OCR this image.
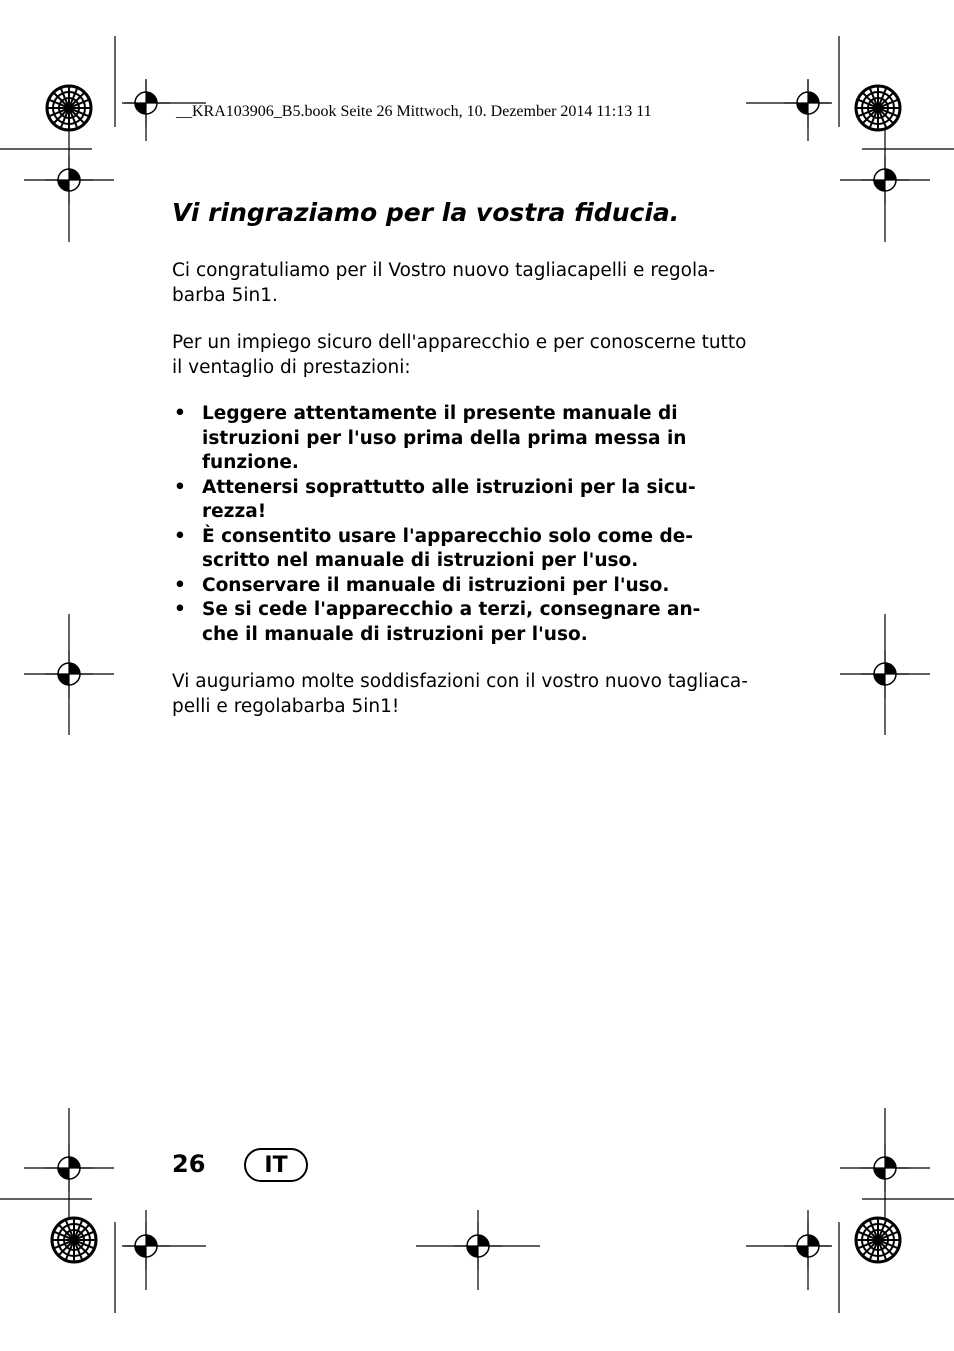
__KRA103906_B5.book Seite 26 Mittwoch, 10. Dezember 2014 11:13 11
Vi ringraziamo per la vostra fiducia.
Ci congratuliamo per il Vostro nuovo tagliacapelli e regola-
barba 5in1.
Per un impiego sicuro dell'apparecchio e per conoscerne tutto
il ventaglio di prestazioni:
• Leggere attentamente il presente manuale di
istruzioni per l'uso prima della prima messa in
funzione.
• Attenersi soprattutto alle istruzioni per la sicu-
rezza!
• È consentito usare l'apparecchio solo come de-
scritto nel manuale di istruzioni per l'uso.
• Conservare il manuale di istruzioni per l'uso.
• Se si cede l'apparecchio a terzi, consegnare an-
che il manuale di istruzioni per l'uso.
Vi auguriamo molte soddisfazioni con il vostro nuovo tagliaca-
pelli e regolabarba 5in1!
26	IT
